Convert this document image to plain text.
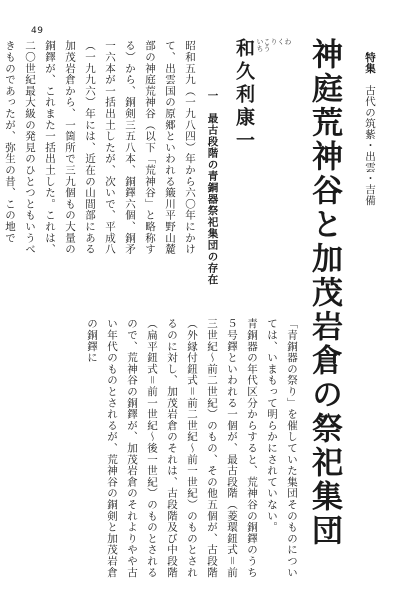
49
特集　古代の筑紫・出雲・吉備
神庭荒神谷と加茂岩倉の祭祀集団
わ
く
り
こう
いち
和久利康一
一　最古段階の青銅器祭祀集団の存在

昭和五九（一九八四）年から六〇年にかけて、出雲国の原郷といわれる簸川平野山麓部の神庭荒神谷（以下「荒神谷」と略称する）から、銅剣三五八本、銅鐸六個、銅矛一六本が一括出土したが、次いで、平成八（一九九六）年には、近在の山間部にある加茂岩倉から、一箇所で三九個もの大量の銅鐸が、これまた一括出土した。これは、二〇世紀最大級の発見のひとつともいうべきものであったが、弥生の昔、この地で

「青銅器の祭り」を催していた集団そのものについては、いまもって明らかにされていない。

青銅器の年代区分からすると、荒神谷の銅鐸のうち５号鐸といわれる一個が、最古段階（菱環鈕式＝前三世紀～前二世紀）のもの、その他五個が、古段階（外縁付鈕式＝前二世紀～前一世紀）のものとされるのに対し、加茂岩倉のそれは、古段階及び中段階（扁平鈕式＝前一世紀～後一世紀）のものとされるので、荒神谷の銅鐸が、加茂岩倉のそれよりやや古い年代のものとされるが、荒神谷の銅剣と加茂岩倉の銅鐸に
